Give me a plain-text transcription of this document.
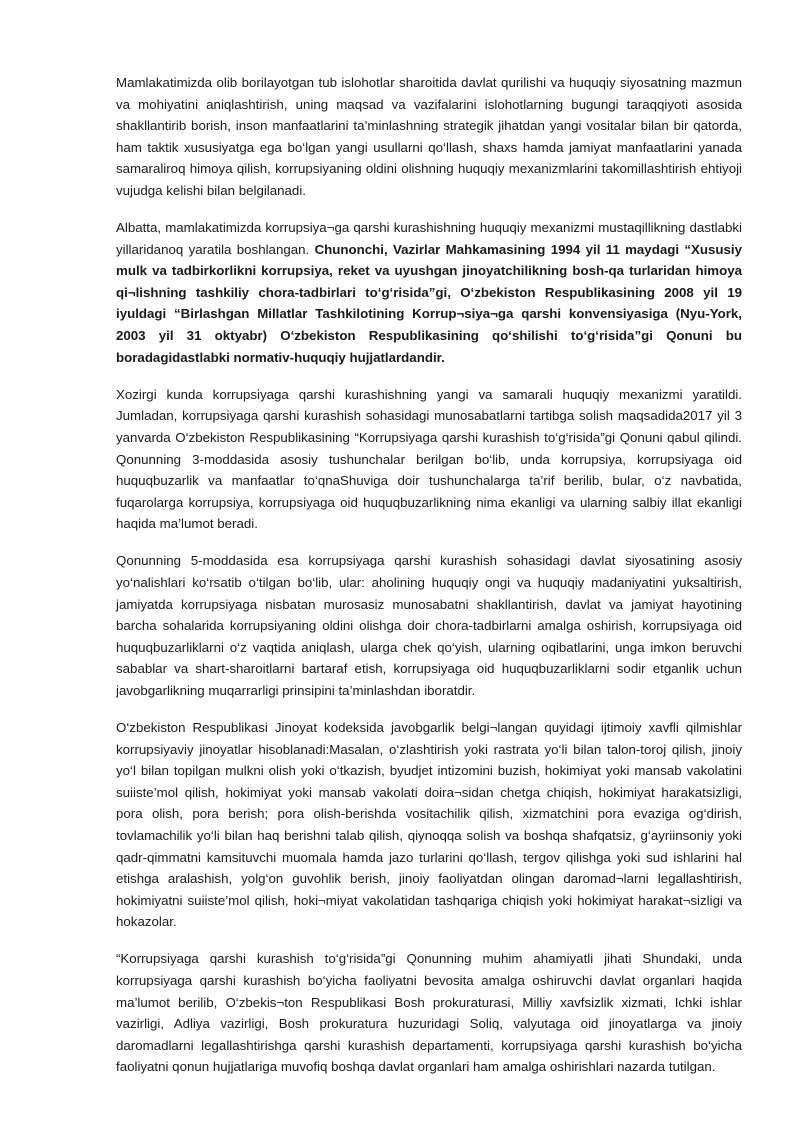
Mamlakatimizda olib borilayotgan tub islohotlar sharoitida davlat qurilishi va huquqiy siyosatning mazmun va mohiyatini aniqlashtirish, uning maqsad va vazifalarini islohotlarning bugungi taraqqiyoti asosida shakllantirib borish, inson manfaatlarini ta’minlashning strategik jihatdan yangi vositalar bilan bir qatorda, ham taktik xususiyatga ega bo‘lgan yangi usullarni qo‘llash, shaxs hamda jamiyat manfaatlarini yanada samaraliroq himoya qilish, korrupsiyaning oldini olishning huquqiy mexanizmlarini takomillashtirish ehtiyoji vujudga kelishi bilan belgilanadi.

Albatta, mamlakatimizda korrupsiya¬ga qarshi kurashishning huquqiy mexanizmi mustaqillikning dastlabki yillaridanoq yaratila boshlangan. Chunonchi, Vazirlar Mahkamasining 1994 yil 11 maydagi “Xususiy mulk va tadbirkorlikni korrupsiya, reket va uyushgan jinoyatchilikning bosh-qa turlaridan himoya qi¬lishning tashkiliy chora-tadbirlari to‘g‘risida”gi, O‘zbekiston Respublikasining 2008 yil 19 iyuldagi “Birlashgan Millatlar Tashkilotining Korrup¬siya¬ga qarshi konvensiyasiga (Nyu-York, 2003 yil 31 oktyabr) O‘zbekiston Respublikasining qo‘shilishi to‘g‘risida”gi Qonuni bu boradagidastlabki normativ-huquqiy hujjatlardandir.

Xozirgi kunda korrupsiyaga qarshi kurashishning yangi va samarali huquqiy mexanizmi yaratildi. Jumladan, korrupsiyaga qarshi kurashish sohasidagi munosabatlarni tartibga solish maqsadida2017 yil 3 yanvarda O‘zbekiston Respublikasining “Korrupsiyaga qarshi kurashish to‘g‘risida”gi Qonuni qabul qilindi. Qonunning 3-moddasida asosiy tushunchalar berilgan bo‘lib, unda korrupsiya, korrupsiyaga oid huquqbuzarlik va manfaatlar to‘qnaShuviga doir tushunchalarga ta’rif berilib, bular, o‘z navbatida, fuqarolarga korrupsiya, korrupsiyaga oid huquqbuzarlikning nima ekanligi va ularning salbiy illat ekanligi haqida ma’lumot beradi.

Qonunning 5-moddasida esa korrupsiyaga qarshi kurashish sohasidagi davlat siyosatining asosiy yo‘nalishlari ko‘rsatib o‘tilgan bo‘lib, ular: aholining huquqiy ongi va huquqiy madaniyatini yuksaltirish, jamiyatda korrupsiyaga nisbatan murosasiz munosabatni shakllantirish, davlat va jamiyat hayotining barcha sohalarida korrupsiyaning oldini olishga doir chora-tadbirlarni amalga oshirish, korrupsiyaga oid huquqbuzarliklarni o‘z vaqtida aniqlash, ularga chek qo‘yish, ularning oqibatlarini, unga imkon beruvchi sabablar va shart-sharoitlarni bartaraf etish, korrupsiyaga oid huquqbuzarliklarni sodir etganlik uchun javobgarlikning muqarrarligi prinsipini ta’minlashdan iboratdir.

O‘zbekiston Respublikasi Jinoyat kodeksida javobgarlik belgi¬langan quyidagi ijtimoiy xavfli qilmishlar korrupsiyaviy jinoyatlar hisoblanadi:Masalan, o‘zlashtirish yoki rastrata yo‘li bilan talon-toroj qilish, jinoiy yo‘l bilan topilgan mulkni olish yoki o‘tkazish, byudjet intizomini buzish, hokimiyat yoki mansab vakolatini suiiste’mol qilish, hokimiyat yoki mansab vakolati doira¬sidan chetga chiqish, hokimiyat harakatsizligi, pora olish, pora berish; pora olish-berishda vositachilik qilish, xizmatchini pora evaziga og‘dirish, tovlamachilik yo‘li bilan haq berishni talab qilish, qiynoqqa solish va boshqa shafqatsiz, g‘ayriinsoniy yoki qadr-qimmatni kamsituvchi muomala hamda jazo turlarini qo‘llash, tergov qilishga yoki sud ishlarini hal etishga aralashish, yolg‘on guvohlik berish, jinoiy faoliyatdan olingan daromad¬larni legallashtirish, hokimiyatni suiiste’mol qilish, hoki¬miyat vakolatidan tashqariga chiqish yoki hokimiyat harakat¬sizligi va hokazolar.

“Korrupsiyaga qarshi kurashish to‘g‘risida”gi Qonunning muhim ahamiyatli jihati Shundaki, unda korrupsiyaga qarshi kurashish bo‘yicha faoliyatni bevosita amalga oshiruvchi davlat organlari haqida ma’lumot berilib, O‘zbekis¬ton Respublikasi Bosh prokuraturasi, Milliy xavfsizlik xizmati, Ichki ishlar vazirligi, Adliya vazirligi, Bosh prokuratura huzuridagi Soliq, valyutaga oid jinoyatlarga va jinoiy daromadlarni legallashtirishga qarshi kurashish departamenti, korrupsiyaga qarshi kurashish bo‘yicha faoliyatni qonun hujjatlariga muvofiq boshqa davlat organlari ham amalga oshirishlari nazarda tutilgan.
